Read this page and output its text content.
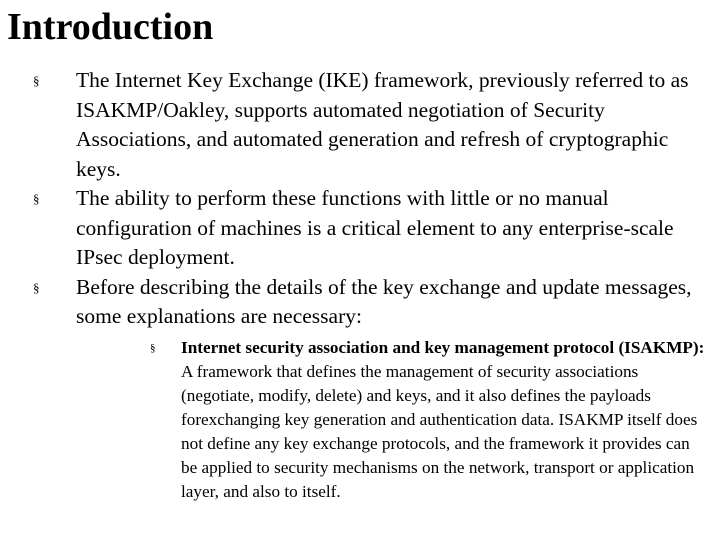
Introduction
§ The Internet Key Exchange (IKE) framework, previously referred to as ISAKMP/Oakley, supports automated negotiation of Security Associations, and automated generation and refresh of cryptographic keys.
§ The ability to perform these functions with little or no manual configuration of machines is a critical element to any enterprise-scale IPsec deployment.
§ Before describing the details of the key exchange and update messages, some explanations are necessary:
§ Internet security association and key management protocol (ISAKMP): A framework that defines the management of security associations (negotiate, modify, delete) and keys, and it also defines the payloads forexchanging key generation and authentication data. ISAKMP itself does not define any key exchange protocols, and the framework it provides can be applied to security mechanisms on the network, transport or application layer, and also to itself.
